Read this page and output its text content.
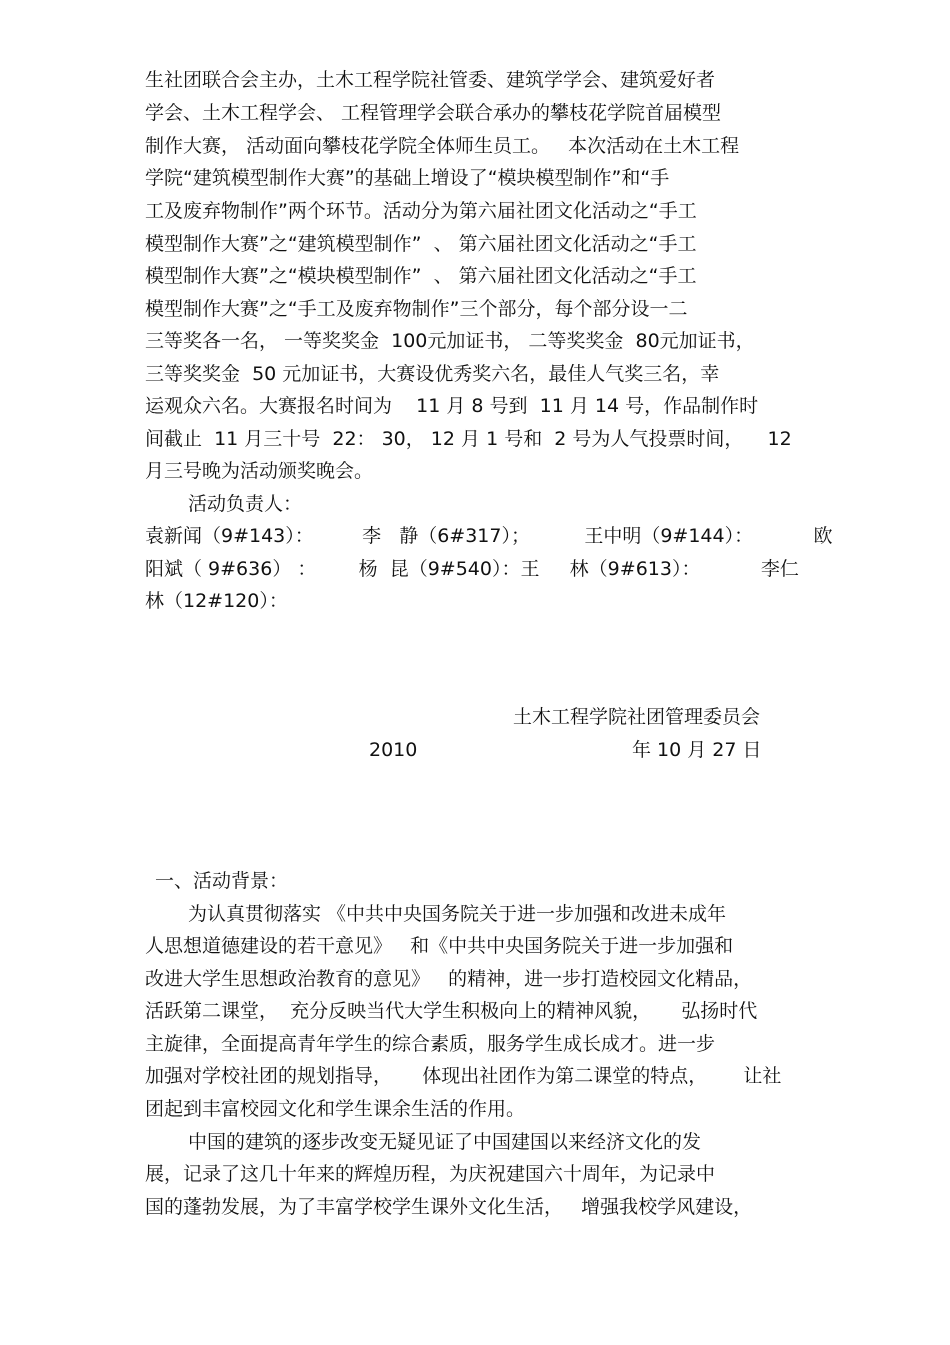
生社团联合会主办，土木工程学院社管委、建筑学学会、建筑爱好者
学会、土木工程学会、 工程管理学会联合承办的攀枝花学院首届模型
制作大赛， 活动面向攀枝花学院全体师生员工。   本次活动在土木工程
学院“建筑模型制作大赛”的基础上增设了“模块模型制作”和“手
工及废弃物制作”两个环节。活动分为第六届社团文化活动之“手工
模型制作大赛”之“建筑模型制作”  、 第六届社团文化活动之“手工
模型制作大赛”之“模块模型制作”  、 第六届社团文化活动之“手工
模型制作大赛”之“手工及废弃物制作”三个部分，每个部分设一二
三等奖各一名， 一等奖奖金  100元加证书， 二等奖奖金  80元加证书，
三等奖奖金  50 元加证书，大赛设优秀奖六名，最佳人气奖三名，幸
运观众六名。大赛报名时间为    11 月 8 号到  11 月 14 号，作品制作时
间截止  11 月三十号  22： 30， 12 月 1 号和  2 号为人气投票时间，    12
月三号晚为活动颁奖晚会。
活动负责人：
袁新闻（9#143）：        李   静（6#317）；         王中明（9#144）：          欧
阳斌（ 9#636） ：       杨  昆（9#540）：王     林（9#613）：          李仁
林（12#120）：
土木工程学院社团管理委员会
2010	年 10 月 27 日
一、活动背景：
为认真贯彻落实 《中共中央国务院关于进一步加强和改进未成年
人思想道德建设的若干意见》   和《中共中央国务院关于进一步加强和
改进大学生思想政治教育的意见》   的精神，进一步打造校园文化精品，
活跃第二课堂，  充分反映当代大学生积极向上的精神风貌，     弘扬时代
主旋律，全面提高青年学生的综合素质，服务学生成长成才。进一步
加强对学校社团的规划指导，     体现出社团作为第二课堂的特点，      让社
团起到丰富校园文化和学生课余生活的作用。
中国的建筑的逐步改变无疑见证了中国建国以来经济文化的发
展，记录了这几十年来的辉煌历程，为庆祝建国六十周年，为记录中
国的蓬勃发展，为了丰富学校学生课外文化生活，   增强我校学风建设，
